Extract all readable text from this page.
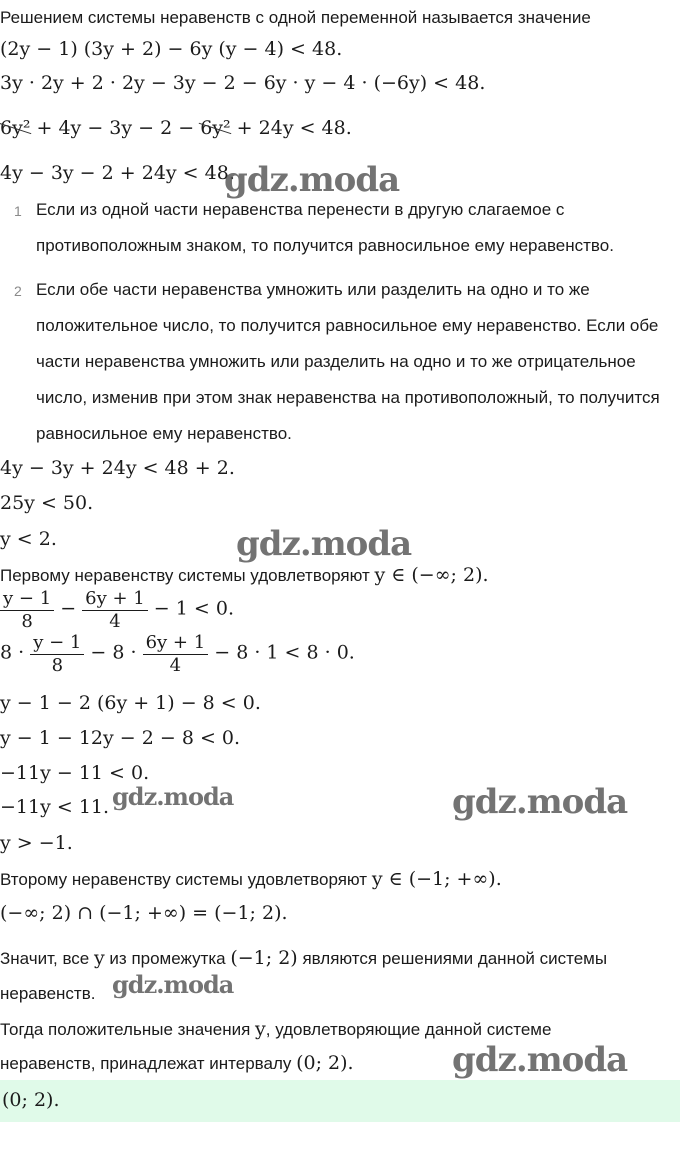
Решением системы неравенств с одной переменной называется значение
(2y − 1) (3y + 2) − 6y (y − 4) < 48.
3y · 2y + 2 · 2y − 3y − 2 − 6y · y − 4 · (−6y) < 48.
6y² + 4y − 3y − 2 − 6y² + 24y < 48.
4y − 3y − 2 + 24y < 48.
gdz.moda
1 Если из одной части неравенства перенести в другую слагаемое с противоположным знаком, то получится равносильное ему неравенство.
2 Если обе части неравенства умножить или разделить на одно и то же положительное число, то получится равносильное ему неравенство. Если обе части неравенства умножить или разделить на одно и то же отрицательное число, изменив при этом знак неравенства на противоположный, то получится равносильное ему неравенство.
4y − 3y + 24y < 48 + 2.
25y < 50.
y < 2.	gdz.moda
Первому неравенству системы удовлетворяют y ∈ (−∞; 2).
$\frac{y - 1}{8} - \frac{6y + 1}{4} - 1 < 0$.
$8 \cdot \frac{y - 1}{8} - 8 \cdot \frac{6y + 1}{4} - 8 \cdot 1 < 8 \cdot 0$.
y − 1 − 2 (6y + 1) − 8 < 0.
y − 1 − 12y − 2 − 8 < 0.
−11y − 11 < 0.
−11y < 11. gdz.moda	gdz.moda
y > −1.
Второму неравенству системы удовлетворяют y ∈ (−1; +∞).
(−∞; 2) ∩ (−1; +∞) = (−1; 2).
Значит, все y из промежутка (−1; 2) являются решениями данной системы
неравенств. gdz.moda
Тогда положительные значения y, удовлетворяющие данной системе
неравенств, принадлежат интервалу (0; 2).	gdz.moda
(0; 2).
